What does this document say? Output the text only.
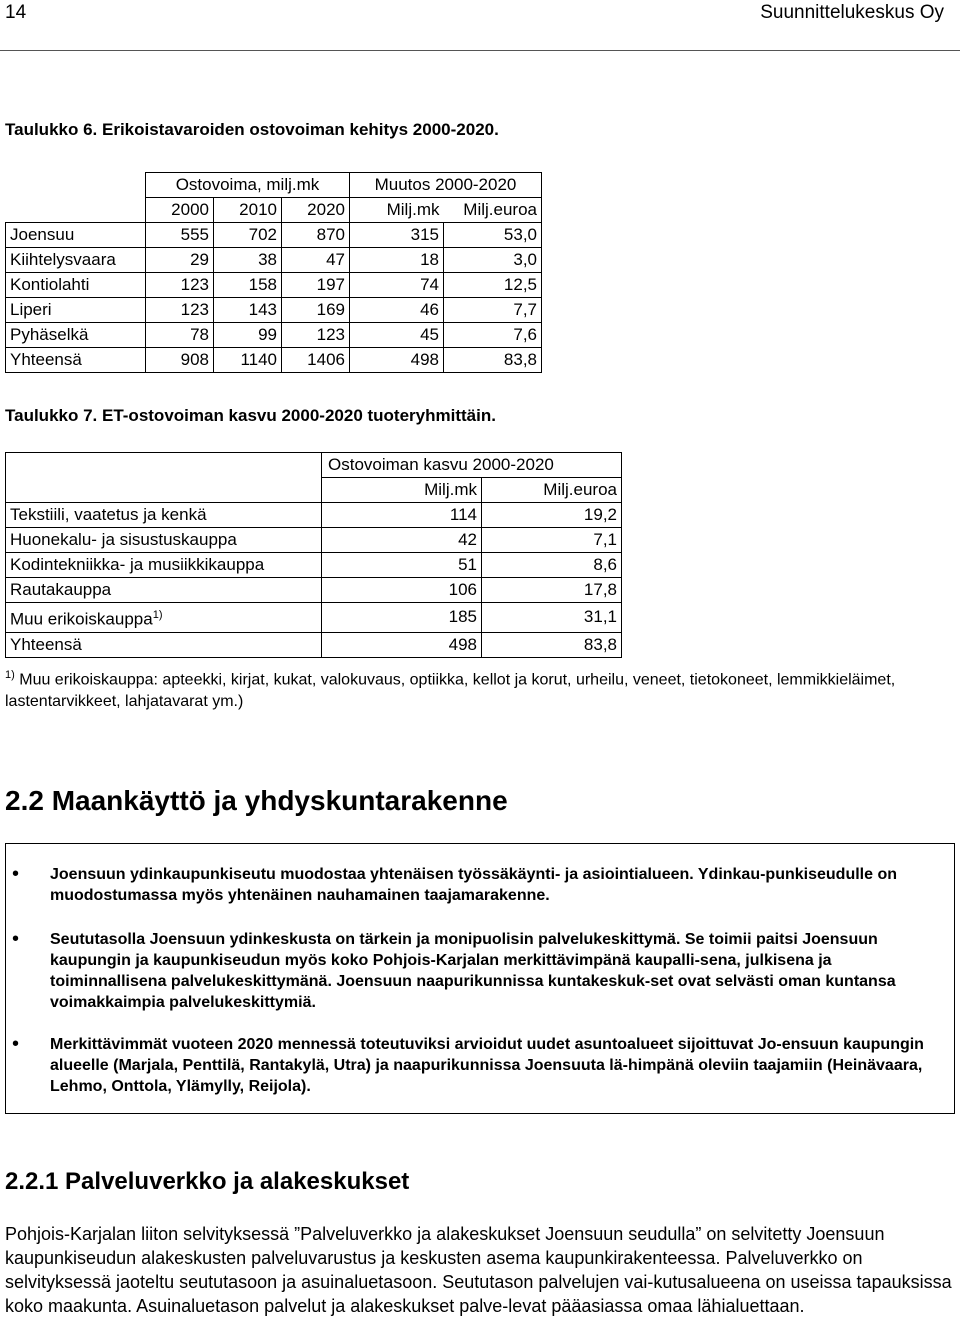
14	Suunnittelukeskus Oy
Taulukko 6. Erikoistavaroiden ostovoiman kehitys 2000-2020.
	Ostovoima, milj.mk			Muutos 2000-2020	
	2000	2010	2020	Milj.mk	Milj.euroa
Joensuu	555	702	870	315	53,0
Kiihtelysvaara	29	38	47	18	3,0
Kontiolahti	123	158	197	74	12,5
Liperi	123	143	169	46	7,7
Pyhäselkä	78	99	123	45	7,6
Yhteensä	908	1140	1406	498	83,8
Taulukko 7. ET-ostovoiman kasvu 2000-2020 tuoteryhmittäin.
	Ostovoiman kasvu 2000-2020	
	Milj.mk	Milj.euroa
Tekstiili, vaatetus ja kenkä	114	19,2
Huonekalu- ja sisustuskauppa	42	7,1
Kodintekniikka- ja musiikkikauppa	51	8,6
Rautakauppa	106	17,8
Muu erikoiskauppa$^{1)}$	185	31,1
Yhteensä	498	83,8
$^{1)}$ Muu erikoiskauppa: apteekki, kirjat, kukat, valokuvaus, optiikka, kellot ja korut, urheilu, veneet, tietokoneet, lemmikkieläimet, lastentarvikkeet, lahjatavarat ym.)
2.2 Maankäyttö ja yhdyskuntarakenne
• Joensuun ydinkaupunkiseutu muodostaa yhtenäisen työssäkäynti- ja asiointialueen. Ydinkau-punkiseudulle on muodostumassa myös yhtenäinen nauhamainen taajamarakenne.
• Seututasolla Joensuun ydinkeskusta on tärkein ja monipuolisin palvelukeskittymä. Se toimii paitsi Joensuun kaupungin ja kaupunkiseudun myös koko Pohjois-Karjalan merkittävimpänä kaupalli-sena, julkisena ja toiminnallisena palvelukeskittymänä. Joensuun naapurikunnissa kuntakeskuk-set ovat selvästi oman kuntansa voimakkaimpia palvelukeskittymiä.
• Merkittävimmät vuoteen 2020 mennessä toteutuviksi arvioidut uudet asuntoalueet sijoittuvat Jo-ensuun kaupungin alueelle (Marjala, Penttilä, Rantakylä, Utra) ja naapurikunnissa Joensuuta lä-himpänä oleviin taajamiin (Heinävaara, Lehmo, Onttola, Ylämylly, Reijola).
2.2.1 Palveluverkko ja alakeskukset
Pohjois-Karjalan liiton selvityksessä ”Palveluverkko ja alakeskukset Joensuun seudulla” on selvitetty Joensuun kaupunkiseudun alakeskusten palveluvarustus ja keskusten asema kaupunkirakenteessa. Palveluverkko on selvityksessä jaoteltu seututasoon ja asuinaluetasoon. Seututason palvelujen vai-kutusalueena on useissa tapauksissa koko maakunta. Asuinaluetason palvelut ja alakeskukset palve-levat pääasiassa omaa lähialuettaan.
